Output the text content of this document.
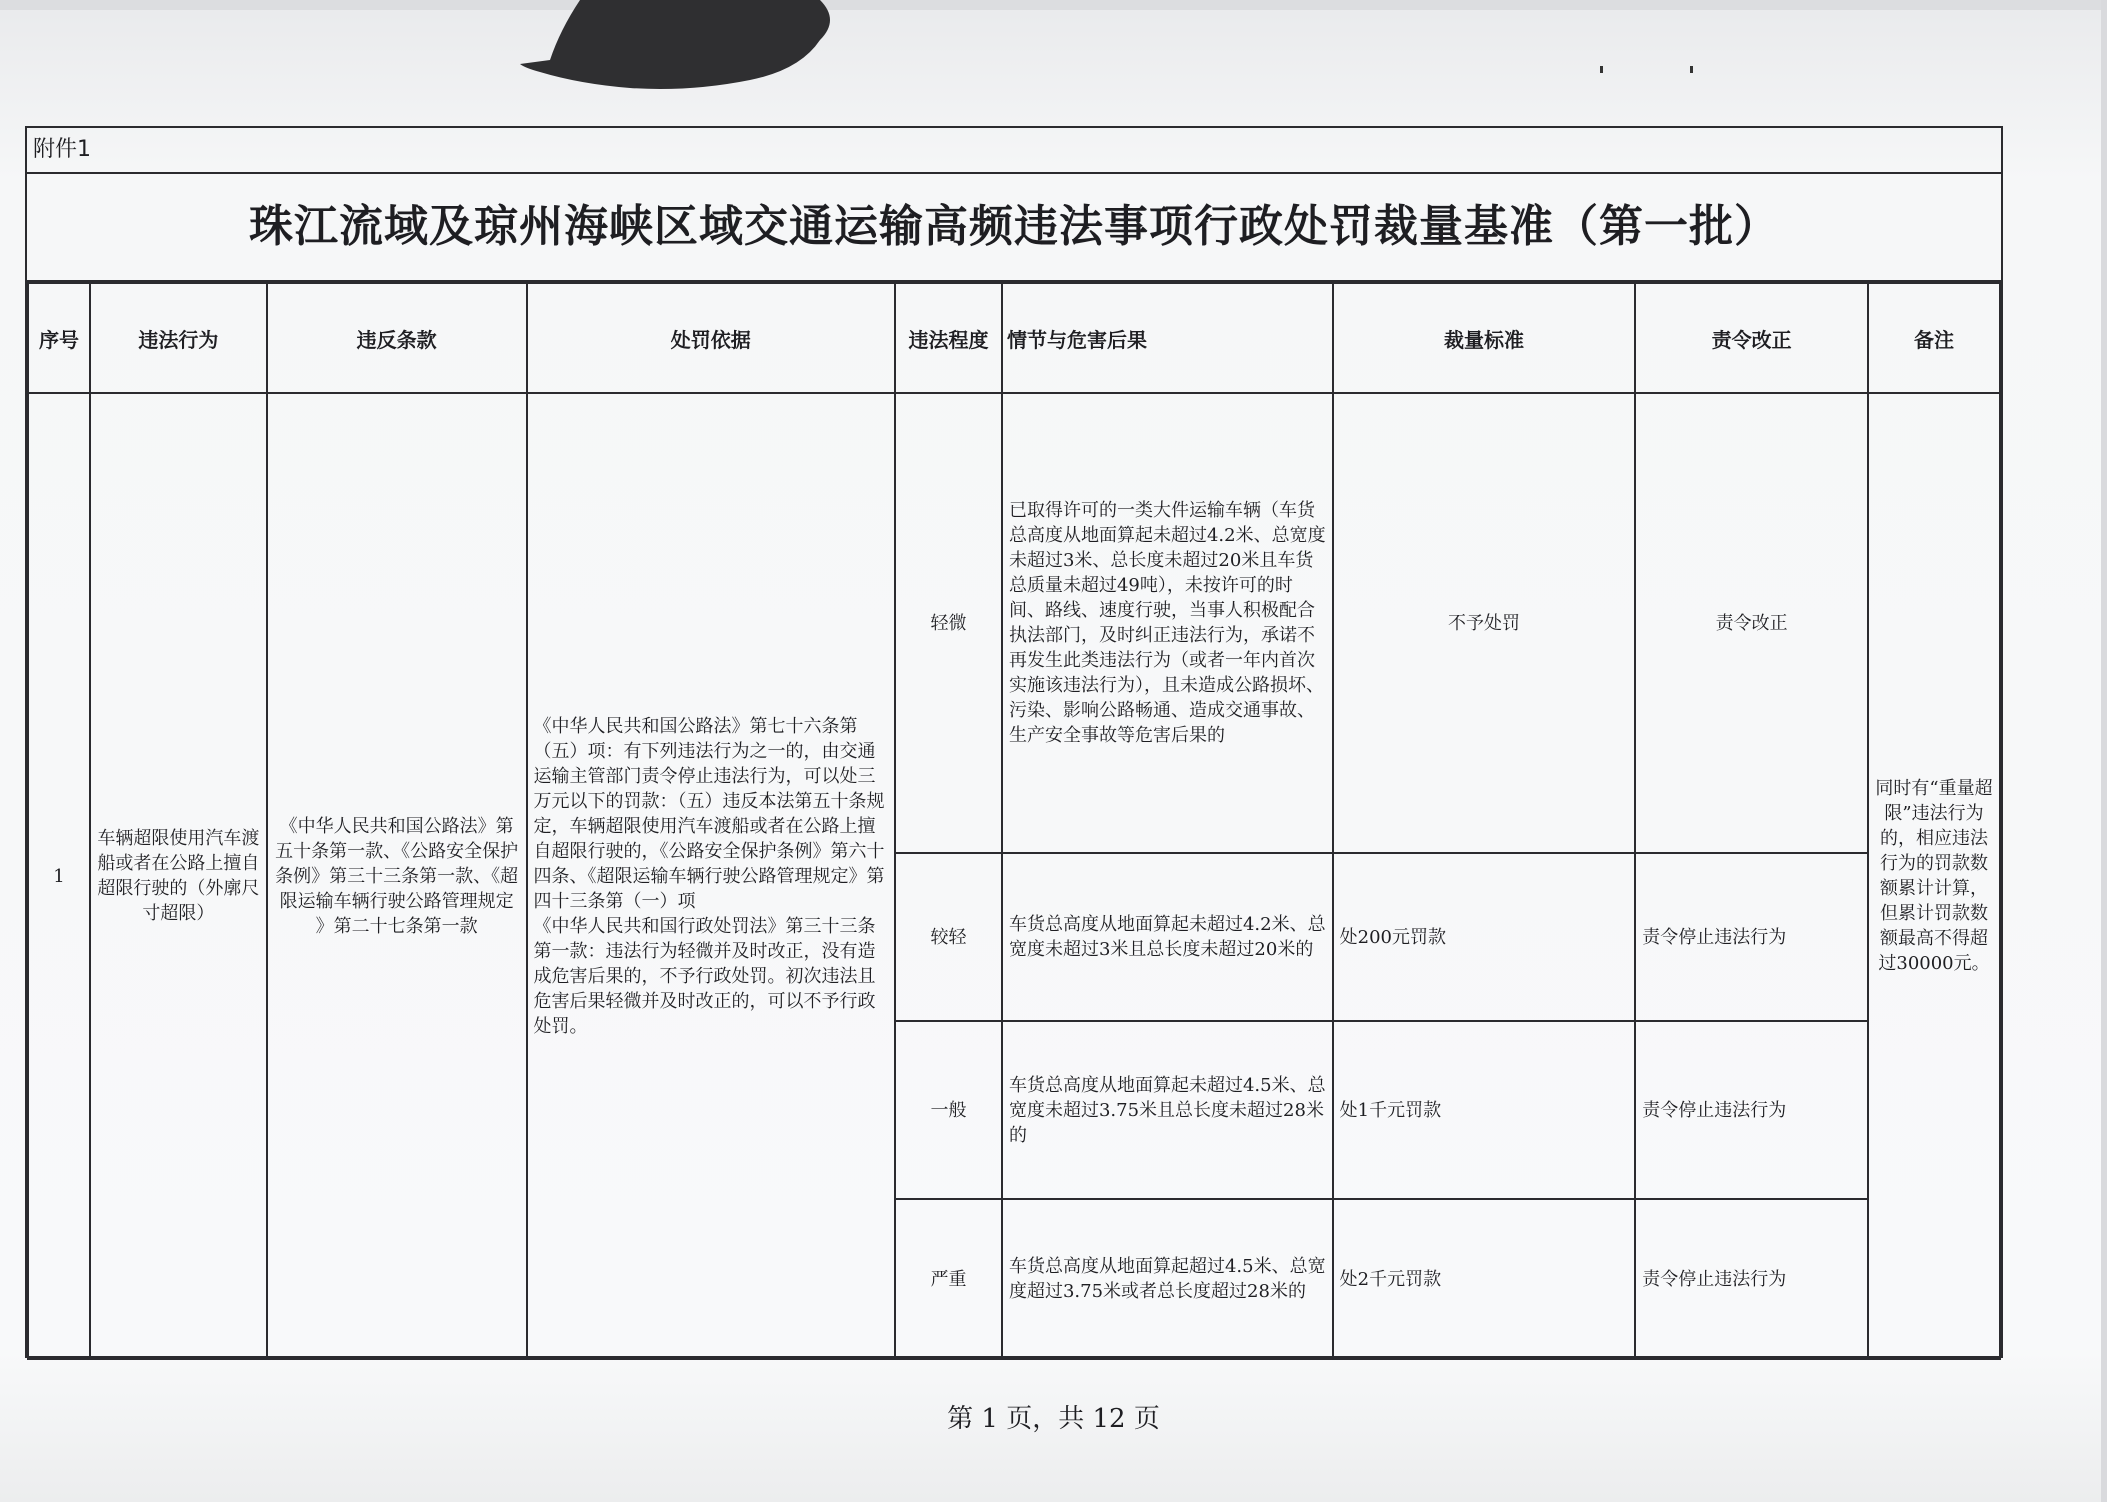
附件1
珠江流域及琼州海峡区域交通运输高频违法事项行政处罚裁量基准（第一批）
序号	违法行为	违反条款	处罚依据	违法程度	情节与危害后果	裁量标准	责令改正	备注
1	车辆超限使用汽车渡船或者在公路上擅自超限行驶的（外廓尺寸超限）	《中华人民共和国公路法》第五十条第一款、《公路安全保护条例》第三十三条第一款、《超限运输车辆行驶公路管理规定 》第二十七条第一款	《中华人民共和国公路法》第七十六条第（五）项：有下列违法行为之一的，由交通运输主管部门责令停止违法行为，可以处三万元以下的罚款：（五）违反本法第五十条规定，车辆超限使用汽车渡船或者在公路上擅自超限行驶的，《公路安全保护条例》第六十四条、《超限运输车辆行驶公路管理规定》第四十三条第（一）项
《中华人民共和国行政处罚法》第三十三条第一款：违法行为轻微并及时改正，没有造成危害后果的，不予行政处罚。初次违法且危害后果轻微并及时改正的，可以不予行政处罚。	轻微	已取得许可的一类大件运输车辆（车货总高度从地面算起未超过4.2米、总宽度未超过3米、总长度未超过20米且车货总质量未超过49吨），未按许可的时间、路线、速度行驶，当事人积极配合执法部门，及时纠正违法行为，承诺不再发生此类违法行为（或者一年内首次实施该违法行为），且未造成公路损坏、污染、影响公路畅通、造成交通事故、生产安全事故等危害后果的	不予处罚	责令改正	同时有“重量超限”违法行为的，相应违法行为的罚款数额累计计算，但累计罚款数额最高不得超过30000元。
				较轻	车货总高度从地面算起未超过4.2米、总宽度未超过3米且总长度未超过20米的	处200元罚款	责令停止违法行为	
				一般	车货总高度从地面算起未超过4.5米、总宽度未超过3.75米且总长度未超过28米的	处1千元罚款	责令停止违法行为	
				严重	车货总高度从地面算起超过4.5米、总宽度超过3.75米或者总长度超过28米的	处2千元罚款	责令停止违法行为	
第 1 页，共 12 页
